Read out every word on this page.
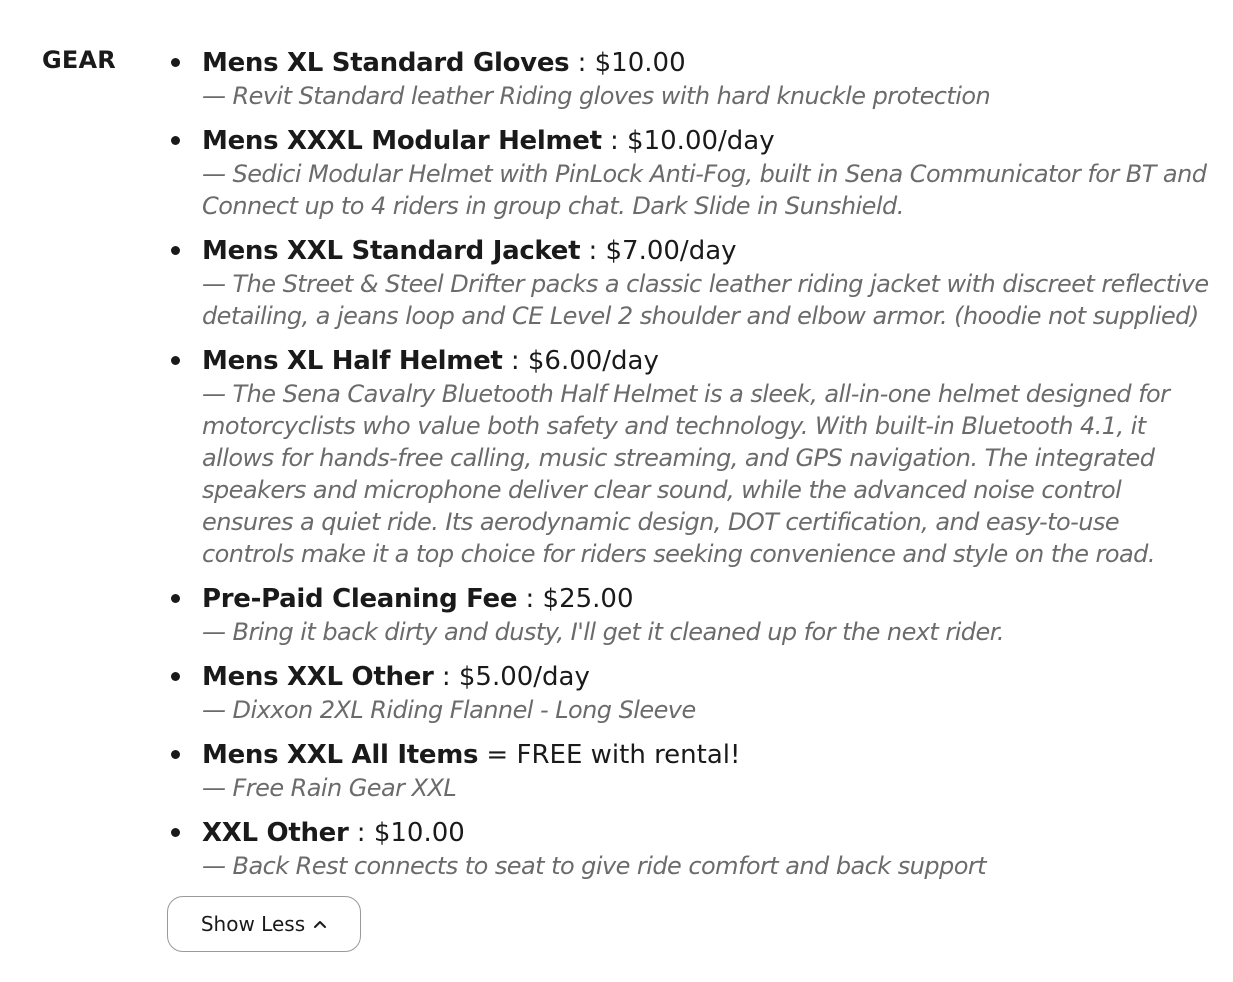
GEAR	Mens XL Standard Gloves : $10.00
— Revit Standard leather Riding gloves with hard knuckle protection
Mens XXXL Modular Helmet : $10.00/day
— Sedici Modular Helmet with PinLock Anti-Fog, built in Sena Communicator for BT and Connect up to 4 riders in group chat. Dark Slide in Sunshield.
Mens XXL Standard Jacket : $7.00/day
— The Street & Steel Drifter packs a classic leather riding jacket with discreet reflective detailing, a jeans loop and CE Level 2 shoulder and elbow armor. (hoodie not supplied)
Mens XL Half Helmet : $6.00/day
— The Sena Cavalry Bluetooth Half Helmet is a sleek, all-in-one helmet designed for motorcyclists who value both safety and technology. With built-in Bluetooth 4.1, it allows for hands-free calling, music streaming, and GPS navigation. The integrated speakers and microphone deliver clear sound, while the advanced noise control ensures a quiet ride. Its aerodynamic design, DOT certification, and easy-to-use controls make it a top choice for riders seeking convenience and style on the road.
Pre-Paid Cleaning Fee : $25.00
— Bring it back dirty and dusty, I'll get it cleaned up for the next rider.
Mens XXL Other : $5.00/day
— Dixxon 2XL Riding Flannel - Long Sleeve
Mens XXL All Items = FREE with rental!
— Free Rain Gear XXL
XXL Other : $10.00
— Back Rest connects to seat to give ride comfort and back support
Show Less
